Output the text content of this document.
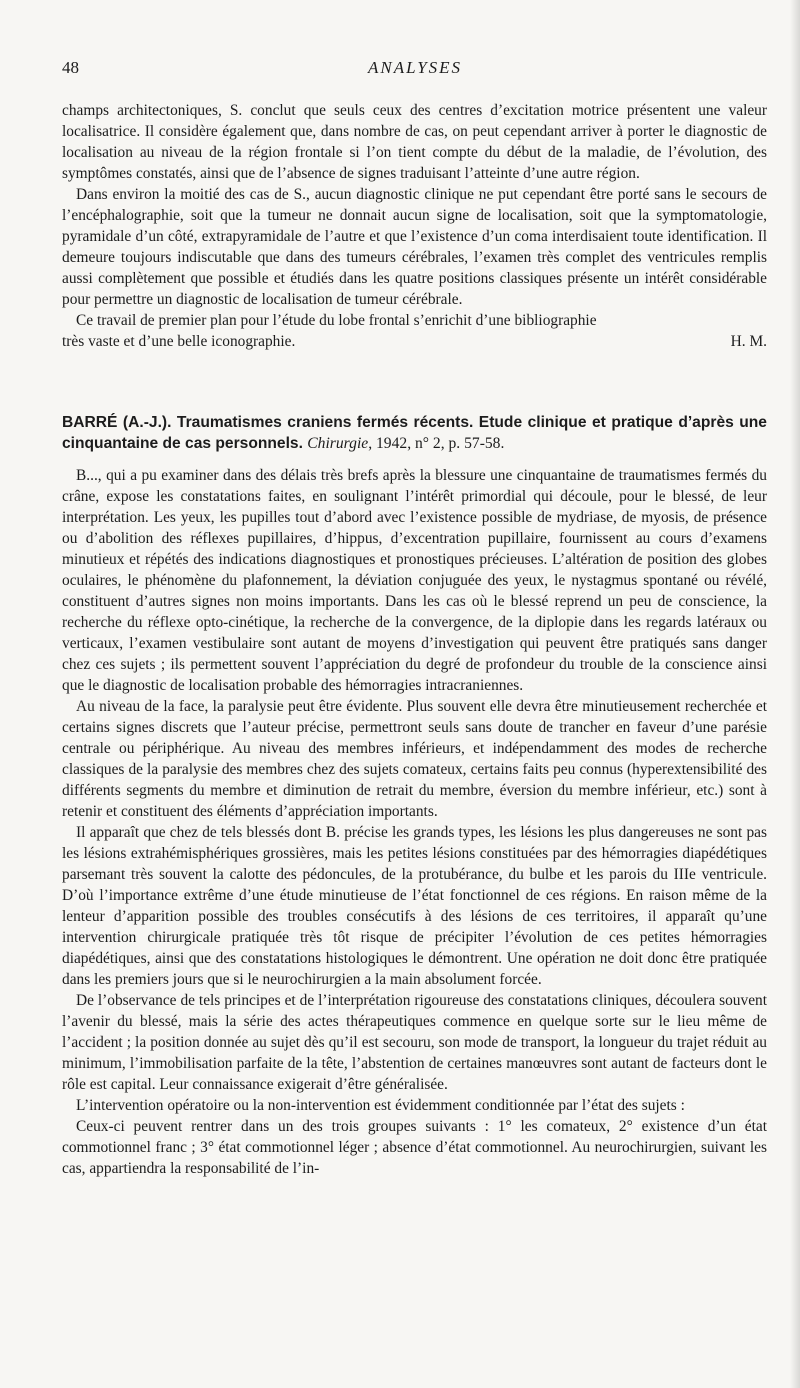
48	ANALYSES

champs architectoniques, S. conclut que seuls ceux des centres d’excitation motrice présentent une valeur localisatrice. Il considère également que, dans nombre de cas, on peut cependant arriver à porter le diagnostic de localisation au niveau de la région frontale si l’on tient compte du début de la maladie, de l’évolution, des symptômes constatés, ainsi que de l’absence de signes traduisant l’atteinte d’une autre région.

Dans environ la moitié des cas de S., aucun diagnostic clinique ne put cependant être porté sans le secours de l’encéphalographie, soit que la tumeur ne donnait aucun signe de localisation, soit que la symptomatologie, pyramidale d’un côté, extrapyramidale de l’autre et que l’existence d’un coma interdisaient toute identification. Il demeure toujours indiscutable que dans des tumeurs cérébrales, l’examen très complet des ventricules remplis aussi complètement que possible et étudiés dans les quatre positions classiques présente un intérêt considérable pour permettre un diagnostic de localisation de tumeur cérébrale.

Ce travail de premier plan pour l’étude du lobe frontal s’enrichit d’une bibliographie

très vaste et d’une belle iconographie.	H. M.
BARRÉ (A.-J.). Traumatismes craniens fermés récents. Etude clinique et pratique d’après une cinquantaine de cas personnels. Chirurgie, 1942, n° 2, p. 57-58.

B..., qui a pu examiner dans des délais très brefs après la blessure une cinquantaine de traumatismes fermés du crâne, expose les constatations faites, en soulignant l’intérêt primordial qui découle, pour le blessé, de leur interprétation. Les yeux, les pupilles tout d’abord avec l’existence possible de mydriase, de myosis, de présence ou d’abolition des réflexes pupillaires, d’hippus, d’excentration pupillaire, fournissent au cours d’examens minutieux et répétés des indications diagnostiques et pronostiques précieuses. L’altération de position des globes oculaires, le phénomène du plafonnement, la déviation conjuguée des yeux, le nystagmus spontané ou révélé, constituent d’autres signes non moins importants. Dans les cas où le blessé reprend un peu de conscience, la recherche du réflexe opto-cinétique, la recherche de la convergence, de la diplopie dans les regards latéraux ou verticaux, l’examen vestibulaire sont autant de moyens d’investigation qui peuvent être pratiqués sans danger chez ces sujets ; ils permettent souvent l’appréciation du degré de profondeur du trouble de la conscience ainsi que le diagnostic de localisation probable des hémorragies intracraniennes.

Au niveau de la face, la paralysie peut être évidente. Plus souvent elle devra être minutieusement recherchée et certains signes discrets que l’auteur précise, permettront seuls sans doute de trancher en faveur d’une parésie centrale ou périphérique. Au niveau des membres inférieurs, et indépendamment des modes de recherche classiques de la paralysie des membres chez des sujets comateux, certains faits peu connus (hyperextensibilité des différents segments du membre et diminution de retrait du membre, éversion du membre inférieur, etc.) sont à retenir et constituent des éléments d’appréciation importants.

Il apparaît que chez de tels blessés dont B. précise les grands types, les lésions les plus dangereuses ne sont pas les lésions extrahémisphériques grossières, mais les petites lésions constituées par des hémorragies diapédétiques parsemant très souvent la calotte des pédoncules, de la protubérance, du bulbe et les parois du IIIe ventricule. D’où l’importance extrême d’une étude minutieuse de l’état fonctionnel de ces régions. En raison même de la lenteur d’apparition possible des troubles consécutifs à des lésions de ces territoires, il apparaît qu’une intervention chirurgicale pratiquée très tôt risque de précipiter l’évolution de ces petites hémorragies diapédétiques, ainsi que des constatations histologiques le démontrent. Une opération ne doit donc être pratiquée dans les premiers jours que si le neurochirurgien a la main absolument forcée.

De l’observance de tels principes et de l’interprétation rigoureuse des constatations cliniques, découlera souvent l’avenir du blessé, mais la série des actes thérapeutiques commence en quelque sorte sur le lieu même de l’accident ; la position donnée au sujet dès qu’il est secouru, son mode de transport, la longueur du trajet réduit au minimum, l’immobilisation parfaite de la tête, l’abstention de certaines manœuvres sont autant de facteurs dont le rôle est capital. Leur connaissance exigerait d’être généralisée.

L’intervention opératoire ou la non-intervention est évidemment conditionnée par l’état des sujets :

Ceux-ci peuvent rentrer dans un des trois groupes suivants : 1° les comateux, 2° existence d’un état commotionnel franc ; 3° état commotionnel léger ; absence d’état commotionnel. Au neurochirurgien, suivant les cas, appartiendra la responsabilité de l’in-
